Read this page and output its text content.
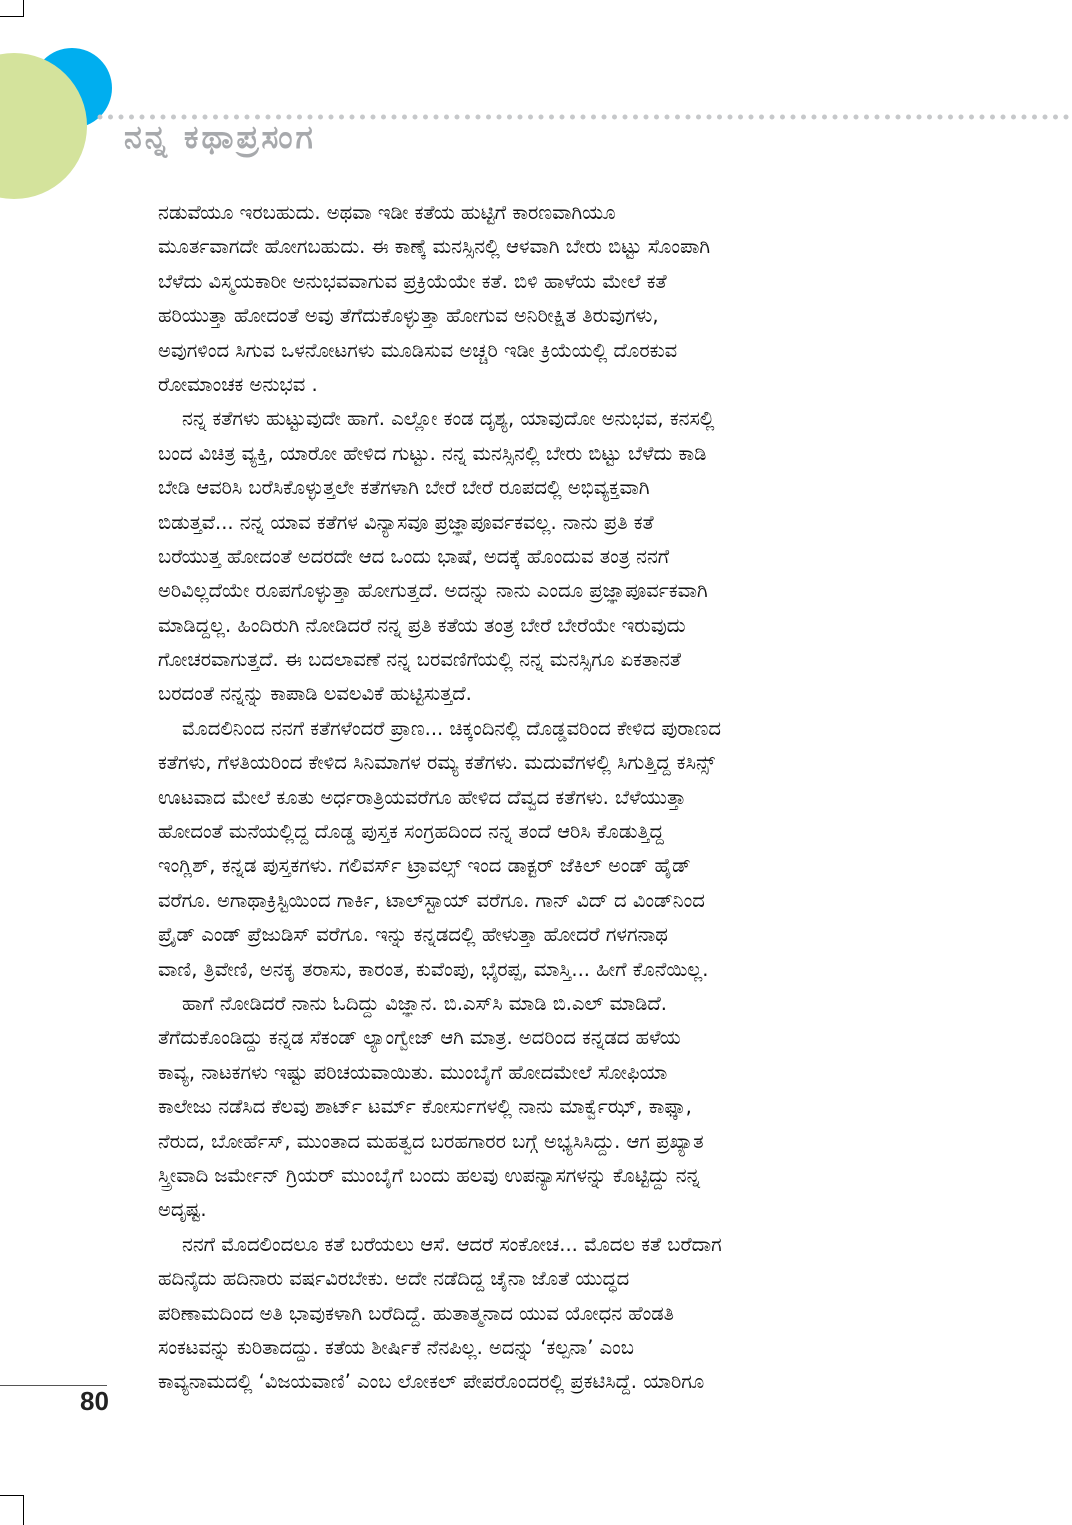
ನನ್ನ ಕಥಾಪ್ರಸಂಗ
ನಡುವೆಯೂ ಇರಬಹುದು. ಅಥವಾ ಇಡೀ ಕತೆಯ ಹುಟ್ಟಿಗೆ ಕಾರಣವಾಗಿಯೂ
ಮೂರ್ತವಾಗದೇ ಹೋಗಬಹುದು. ಈ ಕಾಣ್ಕೆ ಮನಸ್ಸಿನಲ್ಲಿ ಆಳವಾಗಿ ಬೇರು ಬಿಟ್ಟು ಸೊಂಪಾಗಿ
ಬೆಳೆದು ವಿಸ್ಮಯಕಾರೀ ಅನುಭವವಾಗುವ ಪ್ರಕ್ರಿಯೆಯೇ ಕತೆ. ಬಿಳಿ ಹಾಳೆಯ ಮೇಲೆ ಕತೆ
ಹರಿಯುತ್ತಾ ಹೋದಂತೆ ಅವು ತೆಗೆದುಕೊಳ್ಳುತ್ತಾ ಹೋಗುವ ಅನಿರೀಕ್ಷಿತ ತಿರುವುಗಳು,
ಅವುಗಳಿಂದ ಸಿಗುವ ಒಳನೋಟಗಳು ಮೂಡಿಸುವ ಅಚ್ಚರಿ ಇಡೀ ಕ್ರಿಯೆಯಲ್ಲಿ ದೊರಕುವ
ರೋಮಾಂಚಕ ಅನುಭವ .
ನನ್ನ ಕತೆಗಳು ಹುಟ್ಟುವುದೇ ಹಾಗೆ. ಎಲ್ಲೋ ಕಂಡ ದೃಶ್ಯ, ಯಾವುದೋ ಅನುಭವ, ಕನಸಲ್ಲಿ
ಬಂದ ವಿಚಿತ್ರ ವ್ಯಕ್ತಿ, ಯಾರೋ ಹೇಳಿದ ಗುಟ್ಟು. ನನ್ನ ಮನಸ್ಸಿನಲ್ಲಿ ಬೇರು ಬಿಟ್ಟು ಬೆಳೆದು ಕಾಡಿ
ಬೇಡಿ ಆವರಿಸಿ ಬರೆಸಿಕೊಳ್ಳುತ್ತಲೇ ಕತೆಗಳಾಗಿ ಬೇರೆ ಬೇರೆ ರೂಪದಲ್ಲಿ ಅಭಿವ್ಯಕ್ತವಾಗಿ
ಬಿಡುತ್ತವೆ... ನನ್ನ ಯಾವ ಕತೆಗಳ ವಿನ್ಯಾಸವೂ ಪ್ರಜ್ಞಾಪೂರ್ವಕವಲ್ಲ. ನಾನು ಪ್ರತಿ ಕತೆ
ಬರೆಯುತ್ತ ಹೋದಂತೆ ಅದರದೇ ಆದ ಒಂದು ಭಾಷೆ, ಅದಕ್ಕೆ ಹೊಂದುವ ತಂತ್ರ ನನಗೆ
ಅರಿವಿಲ್ಲದೆಯೇ ರೂಪಗೊಳ್ಳುತ್ತಾ ಹೋಗುತ್ತದೆ. ಅದನ್ನು ನಾನು ಎಂದೂ ಪ್ರಜ್ಞಾಪೂರ್ವಕವಾಗಿ
ಮಾಡಿದ್ದಲ್ಲ. ಹಿಂದಿರುಗಿ ನೋಡಿದರೆ ನನ್ನ ಪ್ರತಿ ಕತೆಯ ತಂತ್ರ ಬೇರೆ ಬೇರೆಯೇ ಇರುವುದು
ಗೋಚರವಾಗುತ್ತದೆ. ಈ ಬದಲಾವಣೆ ನನ್ನ ಬರವಣಿಗೆಯಲ್ಲಿ ನನ್ನ ಮನಸ್ಸಿಗೂ ಏಕತಾನತೆ
ಬರದಂತೆ ನನ್ನನ್ನು ಕಾಪಾಡಿ ಲವಲವಿಕೆ ಹುಟ್ಟಿಸುತ್ತದೆ.
ಮೊದಲಿನಿಂದ ನನಗೆ ಕತೆಗಳೆಂದರೆ ಪ್ರಾಣ... ಚಿಕ್ಕಂದಿನಲ್ಲಿ ದೊಡ್ಡವರಿಂದ ಕೇಳಿದ ಪುರಾಣದ
ಕತೆಗಳು, ಗೆಳತಿಯರಿಂದ ಕೇಳಿದ ಸಿನಿಮಾಗಳ ರಮ್ಯ ಕತೆಗಳು. ಮದುವೆಗಳಲ್ಲಿ ಸಿಗುತ್ತಿದ್ದ ಕಸಿನ್ಸ್
ಊಟವಾದ ಮೇಲೆ ಕೂತು ಅರ್ಧರಾತ್ರಿಯವರೆಗೂ ಹೇಳಿದ ದೆವ್ವದ ಕತೆಗಳು. ಬೆಳೆಯುತ್ತಾ
ಹೋದಂತೆ ಮನೆಯಲ್ಲಿದ್ದ ದೊಡ್ಡ ಪುಸ್ತಕ ಸಂಗ್ರಹದಿಂದ ನನ್ನ ತಂದೆ ಆರಿಸಿ ಕೊಡುತ್ತಿದ್ದ
ಇಂಗ್ಲಿಶ್, ಕನ್ನಡ ಪುಸ್ತಕಗಳು. ಗಲಿವರ್ಸ್ ಟ್ರಾವಲ್ಸ್ ಇಂದ ಡಾಕ್ಟರ್ ಜೆಕಿಲ್ ಅಂಡ್ ಹೈಡ್
ವರೆಗೂ. ಅಗಾಥಾಕ್ರಿಸ್ಟಿಯಿಂದ ಗಾರ್ಕಿ, ಟಾಲ್‌ಸ್ಟಾಯ್ ವರೆಗೂ. ಗಾನ್ ವಿದ್ ದ ವಿಂಡ್‌ನಿಂದ
ಪ್ರೈಡ್ ಎಂಡ್ ಪ್ರೆಜುಡಿಸ್ ವರೆಗೂ. ಇನ್ನು ಕನ್ನಡದಲ್ಲಿ ಹೇಳುತ್ತಾ ಹೋದರೆ ಗಳಗನಾಥ
ವಾಣಿ, ತ್ರಿವೇಣಿ, ಅನಕೃ ತರಾಸು, ಕಾರಂತ, ಕುವೆಂಪು, ಭೈರಪ್ಪ, ಮಾಸ್ತಿ... ಹೀಗೆ ಕೊನೆಯಿಲ್ಲ.
ಹಾಗೆ ನೋಡಿದರೆ ನಾನು ಓದಿದ್ದು ವಿಜ್ಞಾನ. ಬಿ.ಎಸ್‌ಸಿ ಮಾಡಿ ಬಿ.ಎಲ್ ಮಾಡಿದೆ.
ತೆಗೆದುಕೊಂಡಿದ್ದು ಕನ್ನಡ ಸೆಕಂಡ್ ಲ್ಯಾಂಗ್ವೇಜ್ ಆಗಿ ಮಾತ್ರ. ಅದರಿಂದ ಕನ್ನಡದ ಹಳೆಯ
ಕಾವ್ಯ, ನಾಟಕಗಳು ಇಷ್ಟು ಪರಿಚಯವಾಯಿತು. ಮುಂಬೈಗೆ ಹೋದಮೇಲೆ ಸೋಫಿಯಾ
ಕಾಲೇಜು ನಡೆಸಿದ ಕೆಲವು ಶಾರ್ಟ್ ಟರ್ಮ್ ಕೋರ್ಸುಗಳಲ್ಲಿ ನಾನು ಮಾರ್ಕ್ವೆಝ್, ಕಾಫ್ಕಾ,
ನೆರುದ, ಬೋರ್ಹೆಸ್, ಮುಂತಾದ ಮಹತ್ವದ ಬರಹಗಾರರ ಬಗ್ಗೆ ಅಭ್ಯಸಿಸಿದ್ದು. ಆಗ ಪ್ರಖ್ಯಾತ
ಸ್ತ್ರೀವಾದಿ ಜರ್ಮೇನ್ ಗ್ರಿಯರ್ ಮುಂಬೈಗೆ ಬಂದು ಹಲವು ಉಪನ್ಯಾಸಗಳನ್ನು ಕೊಟ್ಟಿದ್ದು ನನ್ನ
ಅದೃಷ್ಟ.
ನನಗೆ ಮೊದಲಿಂದಲೂ ಕತೆ ಬರೆಯಲು ಆಸೆ. ಆದರೆ ಸಂಕೋಚ... ಮೊದಲ ಕತೆ ಬರೆದಾಗ
ಹದಿನೈದು ಹದಿನಾರು ವರ್ಷವಿರಬೇಕು. ಅದೇ ನಡೆದಿದ್ದ ಚೈನಾ ಜೊತೆ ಯುದ್ಧದ
ಪರಿಣಾಮದಿಂದ ಅತಿ ಭಾವುಕಳಾಗಿ ಬರೆದಿದ್ದೆ. ಹುತಾತ್ಮನಾದ ಯುವ ಯೋಧನ ಹೆಂಡತಿ
ಸಂಕಟವನ್ನು ಕುರಿತಾದದ್ದು. ಕತೆಯ ಶೀರ್ಷಿಕೆ ನೆನಪಿಲ್ಲ. ಅದನ್ನು ‘ಕಲ್ಪನಾ’ ಎಂಬ
ಕಾವ್ಯನಾಮದಲ್ಲಿ ‘ವಿಜಯವಾಣಿ’ ಎಂಬ ಲೋಕಲ್ ಪೇಪರೊಂದರಲ್ಲಿ ಪ್ರಕಟಿಸಿದ್ದೆ. ಯಾರಿಗೂ
80
